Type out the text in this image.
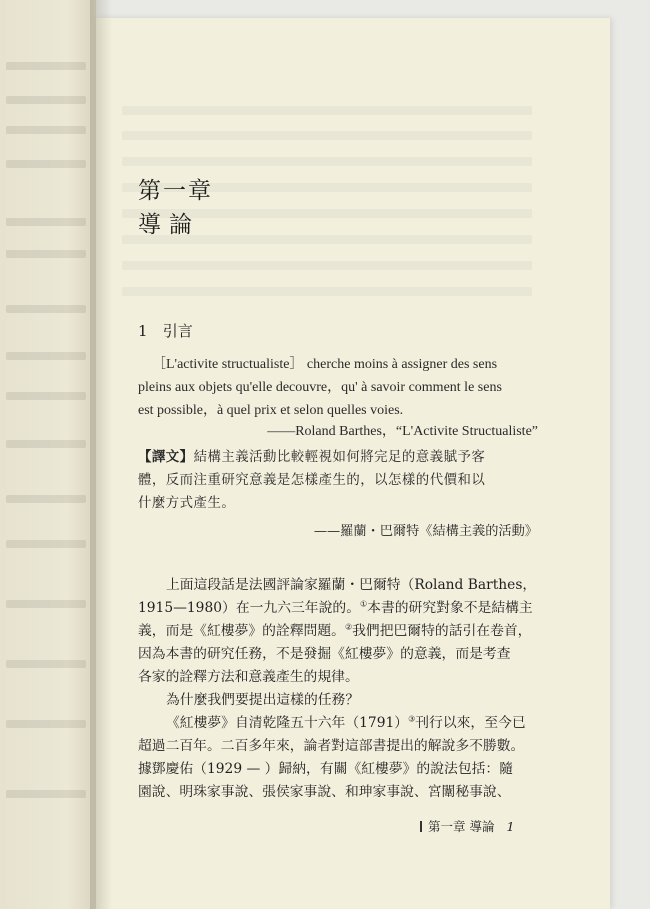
第一章
導論
1 引言
［L'activite structualiste］ cherche moins à assigner des sens
pleins aux objets qu'elle decouvre，qu' à savoir comment le sens
est possible，à quel prix et selon quelles voies.
——Roland Barthes，“L'Activite Structualiste”
【譯文】結構主義活動比較輕視如何將完足的意義賦予客
體，反而注重研究意義是怎樣產生的，以怎樣的代價和以
什麼方式產生。
——羅蘭・巴爾特《結構主義的活動》
上面這段話是法國評論家羅蘭・巴爾特（Roland Barthes，
1915—1980）在一九六三年說的。①本書的研究對象不是結構主
義，而是《紅樓夢》的詮釋問題。②我們把巴爾特的話引在卷首，
因為本書的研究任務，不是發掘《紅樓夢》的意義，而是考查
各家的詮釋方法和意義產生的規律。
為什麼我們要提出這樣的任務？
《紅樓夢》自清乾隆五十六年（1791）③刊行以來，至今已
超過二百年。二百多年來，論者對這部書提出的解說多不勝數。
據鄧慶佑（1929 — ）歸納，有關《紅樓夢》的說法包括：隨
園說、明珠家事說、張侯家事說、和珅家事說、宮闈秘事說、
第一章 導論 1
